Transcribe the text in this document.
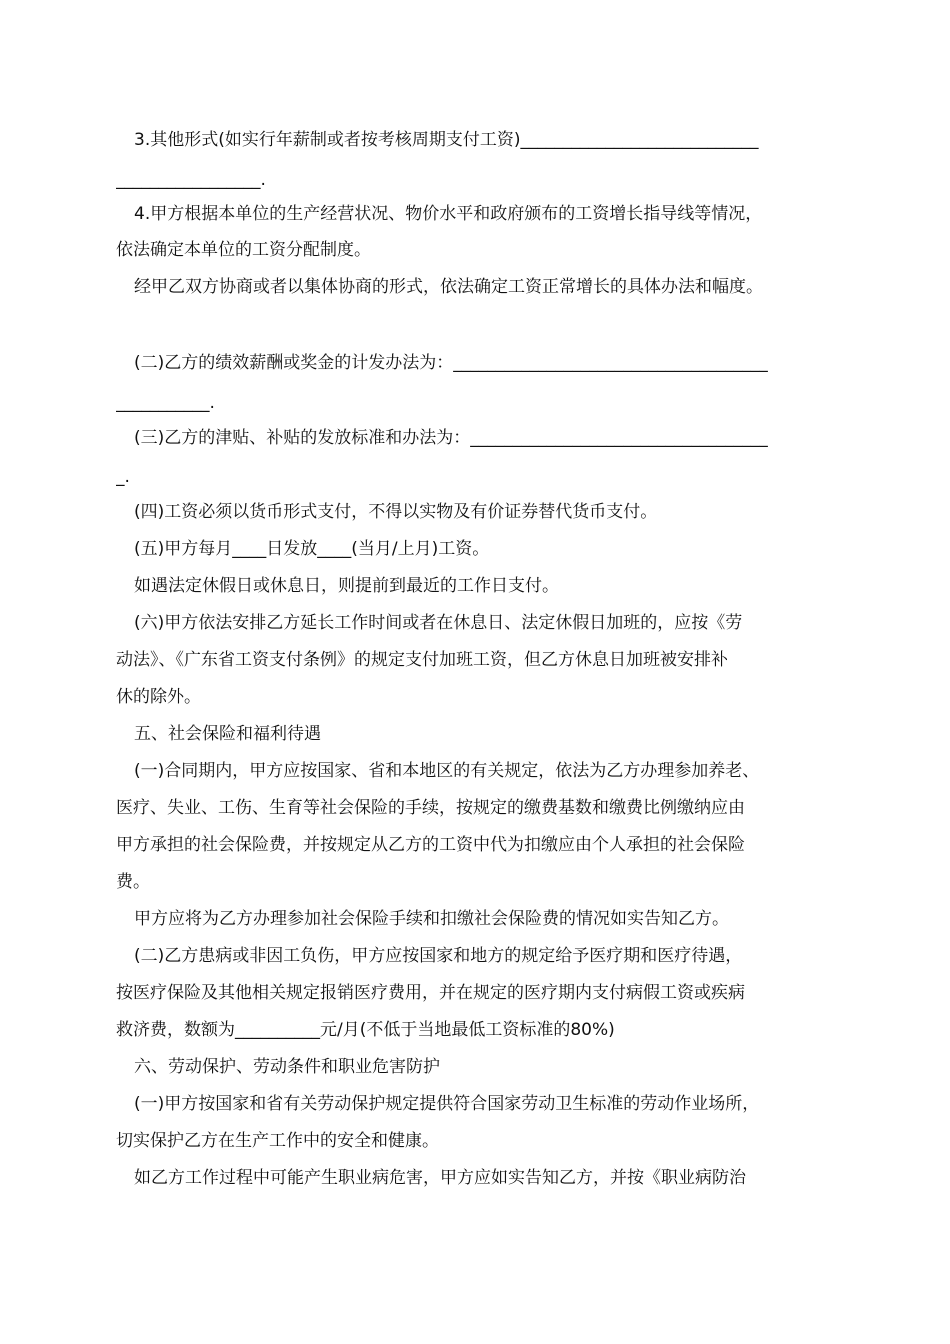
3.其他形式(如实行年薪制或者按考核周期支付工资)____________________________
_________________.
4.甲方根据本单位的生产经营状况、物价水平和政府颁布的工资增长指导线等情况，
依法确定本单位的工资分配制度。
经甲乙双方协商或者以集体协商的形式，依法确定工资正常增长的具体办法和幅度。
(二)乙方的绩效薪酬或奖金的计发办法为：_____________________________________
___________.
(三)乙方的津贴、补贴的发放标准和办法为：___________________________________
_.
(四)工资必须以货币形式支付，不得以实物及有价证券替代货币支付。
(五)甲方每月____日发放____(当月/上月)工资。
如遇法定休假日或休息日，则提前到最近的工作日支付。
(六)甲方依法安排乙方延长工作时间或者在休息日、法定休假日加班的，应按《劳
动法》、《广东省工资支付条例》的规定支付加班工资，但乙方休息日加班被安排补
休的除外。
五、社会保险和福利待遇
(一)合同期内，甲方应按国家、省和本地区的有关规定，依法为乙方办理参加养老、
医疗、失业、工伤、生育等社会保险的手续，按规定的缴费基数和缴费比例缴纳应由
甲方承担的社会保险费，并按规定从乙方的工资中代为扣缴应由个人承担的社会保险
费。
甲方应将为乙方办理参加社会保险手续和扣缴社会保险费的情况如实告知乙方。
(二)乙方患病或非因工负伤，甲方应按国家和地方的规定给予医疗期和医疗待遇，
按医疗保险及其他相关规定报销医疗费用，并在规定的医疗期内支付病假工资或疾病
救济费，数额为__________元/月(不低于当地最低工资标准的80%)
六、劳动保护、劳动条件和职业危害防护
(一)甲方按国家和省有关劳动保护规定提供符合国家劳动卫生标准的劳动作业场所，
切实保护乙方在生产工作中的安全和健康。
如乙方工作过程中可能产生职业病危害，甲方应如实告知乙方，并按《职业病防治
